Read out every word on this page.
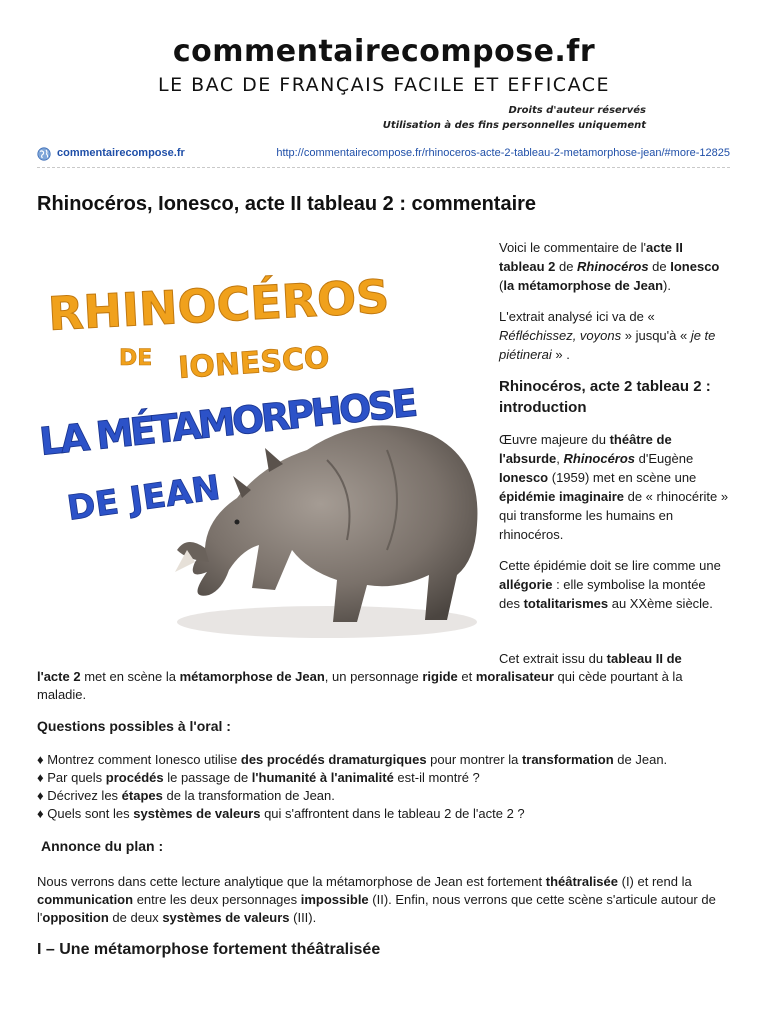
commentairecompose.fr
LE BAC DE FRANÇAIS FACILE ET EFFICACE
Droits d'auteur réservés
Utilisation à des fins personnelles uniquement
commentairecompose.fr	http://commentairecompose.fr/rhinoceros-acte-2-tableau-2-metamorphose-jean/#more-12825
Rhinocéros, Ionesco, acte II tableau 2 : commentaire
RHINOCÉROS
DE IONESCO
LA MÉTAMORPHOSE
DE JEAN

Voici le commentaire de l'acte II tableau 2 de Rhinocéros de Ionesco (la métamorphose de Jean).

L'extrait analysé ici va de « Réfléchissez, voyons » jusqu'à « je te piétinerai » .

Rhinocéros, acte 2 tableau 2 : introduction

Œuvre majeure du théâtre de l'absurde, Rhinocéros d'Eugène Ionesco (1959) met en scène une épidémie imaginaire de « rhinocérite » qui transforme les humains en rhinocéros.

Cette épidémie doit se lire comme une allégorie : elle symbolise la montée des totalitarismes au XXème siècle.

Cet extrait issu du tableau II de
l'acte 2 met en scène la métamorphose de Jean, un personnage rigide et moralisateur qui cède pourtant à la maladie.
Questions possibles à l'oral :
♦ Montrez comment Ionesco utilise des procédés dramaturgiques pour montrer la transformation de Jean.
♦ Par quels procédés le passage de l'humanité à l'animalité est-il montré ?
♦ Décrivez les étapes de la transformation de Jean.
♦ Quels sont les systèmes de valeurs qui s'affrontent dans le tableau 2 de l'acte 2 ?
Annonce du plan :
Nous verrons dans cette lecture analytique que la métamorphose de Jean est fortement théâtralisée (I) et rend la communication entre les deux personnages impossible (II). Enfin, nous verrons que cette scène s'articule autour de l'opposition de deux systèmes de valeurs (III).
I – Une métamorphose fortement théâtralisée
